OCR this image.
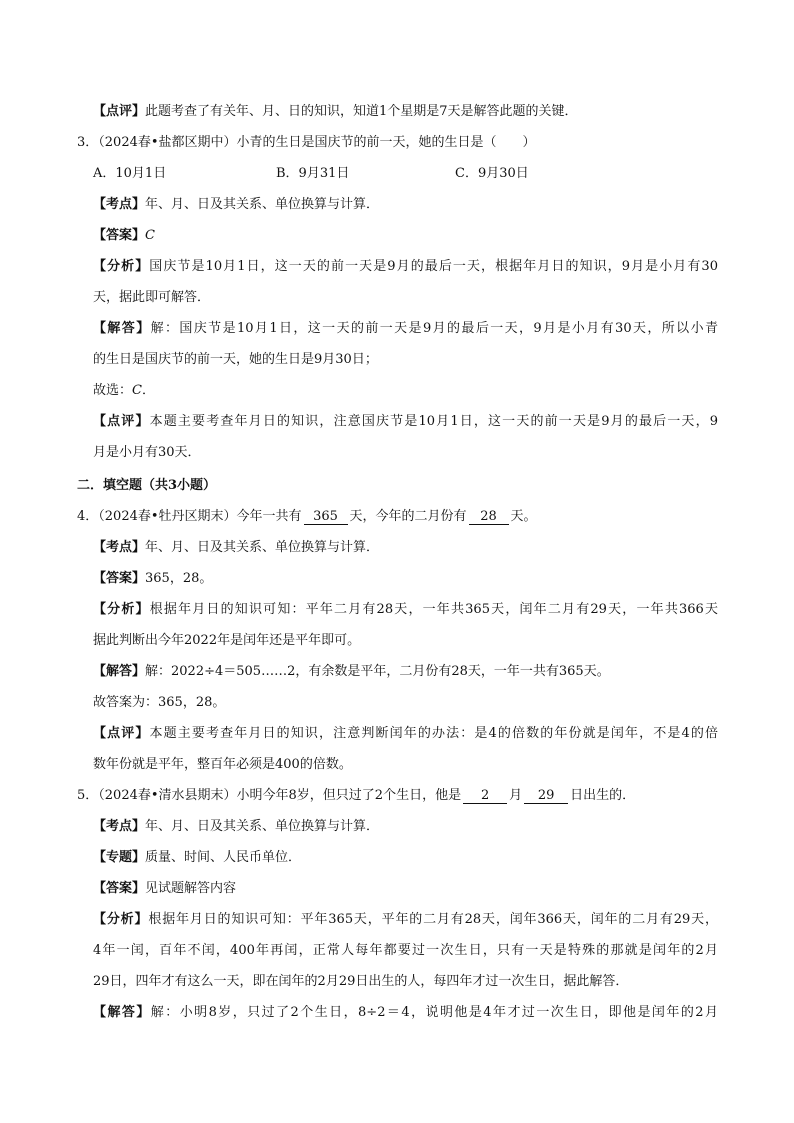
【点评】此题考查了有关年、月、日的知识，知道1个星期是7天是解答此题的关键．
3．（2024春•盐都区期中）小青的生日是国庆节的前一天，她的生日是（　　）
A．10月1日	B．9月31日	C．9月30日
【考点】年、月、日及其关系、单位换算与计算．
【答案】C
【分析】国庆节是10月1日，这一天的前一天是9月的最后一天，根据年月日的知识，9月是小月有30
天，据此即可解答．
【解答】解：国庆节是10月1日，这一天的前一天是9月的最后一天，9月是小月有30天，所以小青
的生日是国庆节的前一天，她的生日是9月30日；
故选：C．
【点评】本题主要考查年月日的知识，注意国庆节是10月1日，这一天的前一天是9月的最后一天，9
月是小月有30天．
二．填空题（共3小题）
4．（2024春•牡丹区期末）今年一共有 365 天，今年的二月份有 28 天。
【考点】年、月、日及其关系、单位换算与计算．
【答案】365，28。
【分析】根据年月日的知识可知：平年二月有28天，一年共365天，闰年二月有29天，一年共366天
据此判断出今年2022年是闰年还是平年即可。
【解答】解：2022÷4＝505……2，有余数是平年，二月份有28天，一年一共有365天。
故答案为：365，28。
【点评】本题主要考查年月日的知识，注意判断闰年的办法：是4的倍数的年份就是闰年，不是4的倍
数年份就是平年，整百年必须是400的倍数。
5．（2024春•清水县期末）小明今年8岁，但只过了2个生日，他是 2 月 29 日出生的．
【考点】年、月、日及其关系、单位换算与计算．
【专题】质量、时间、人民币单位．
【答案】见试题解答内容
【分析】根据年月日的知识可知：平年365天，平年的二月有28天，闰年366天，闰年的二月有29天，
4年一闰，百年不闰，400年再闰，正常人每年都要过一次生日，只有一天是特殊的那就是闰年的2月
29日，四年才有这么一天，即在闰年的2月29日出生的人，每四年才过一次生日，据此解答．
【解答】解：小明8岁，只过了2个生日，8÷2＝4，说明他是4年才过一次生日，即他是闰年的2月
